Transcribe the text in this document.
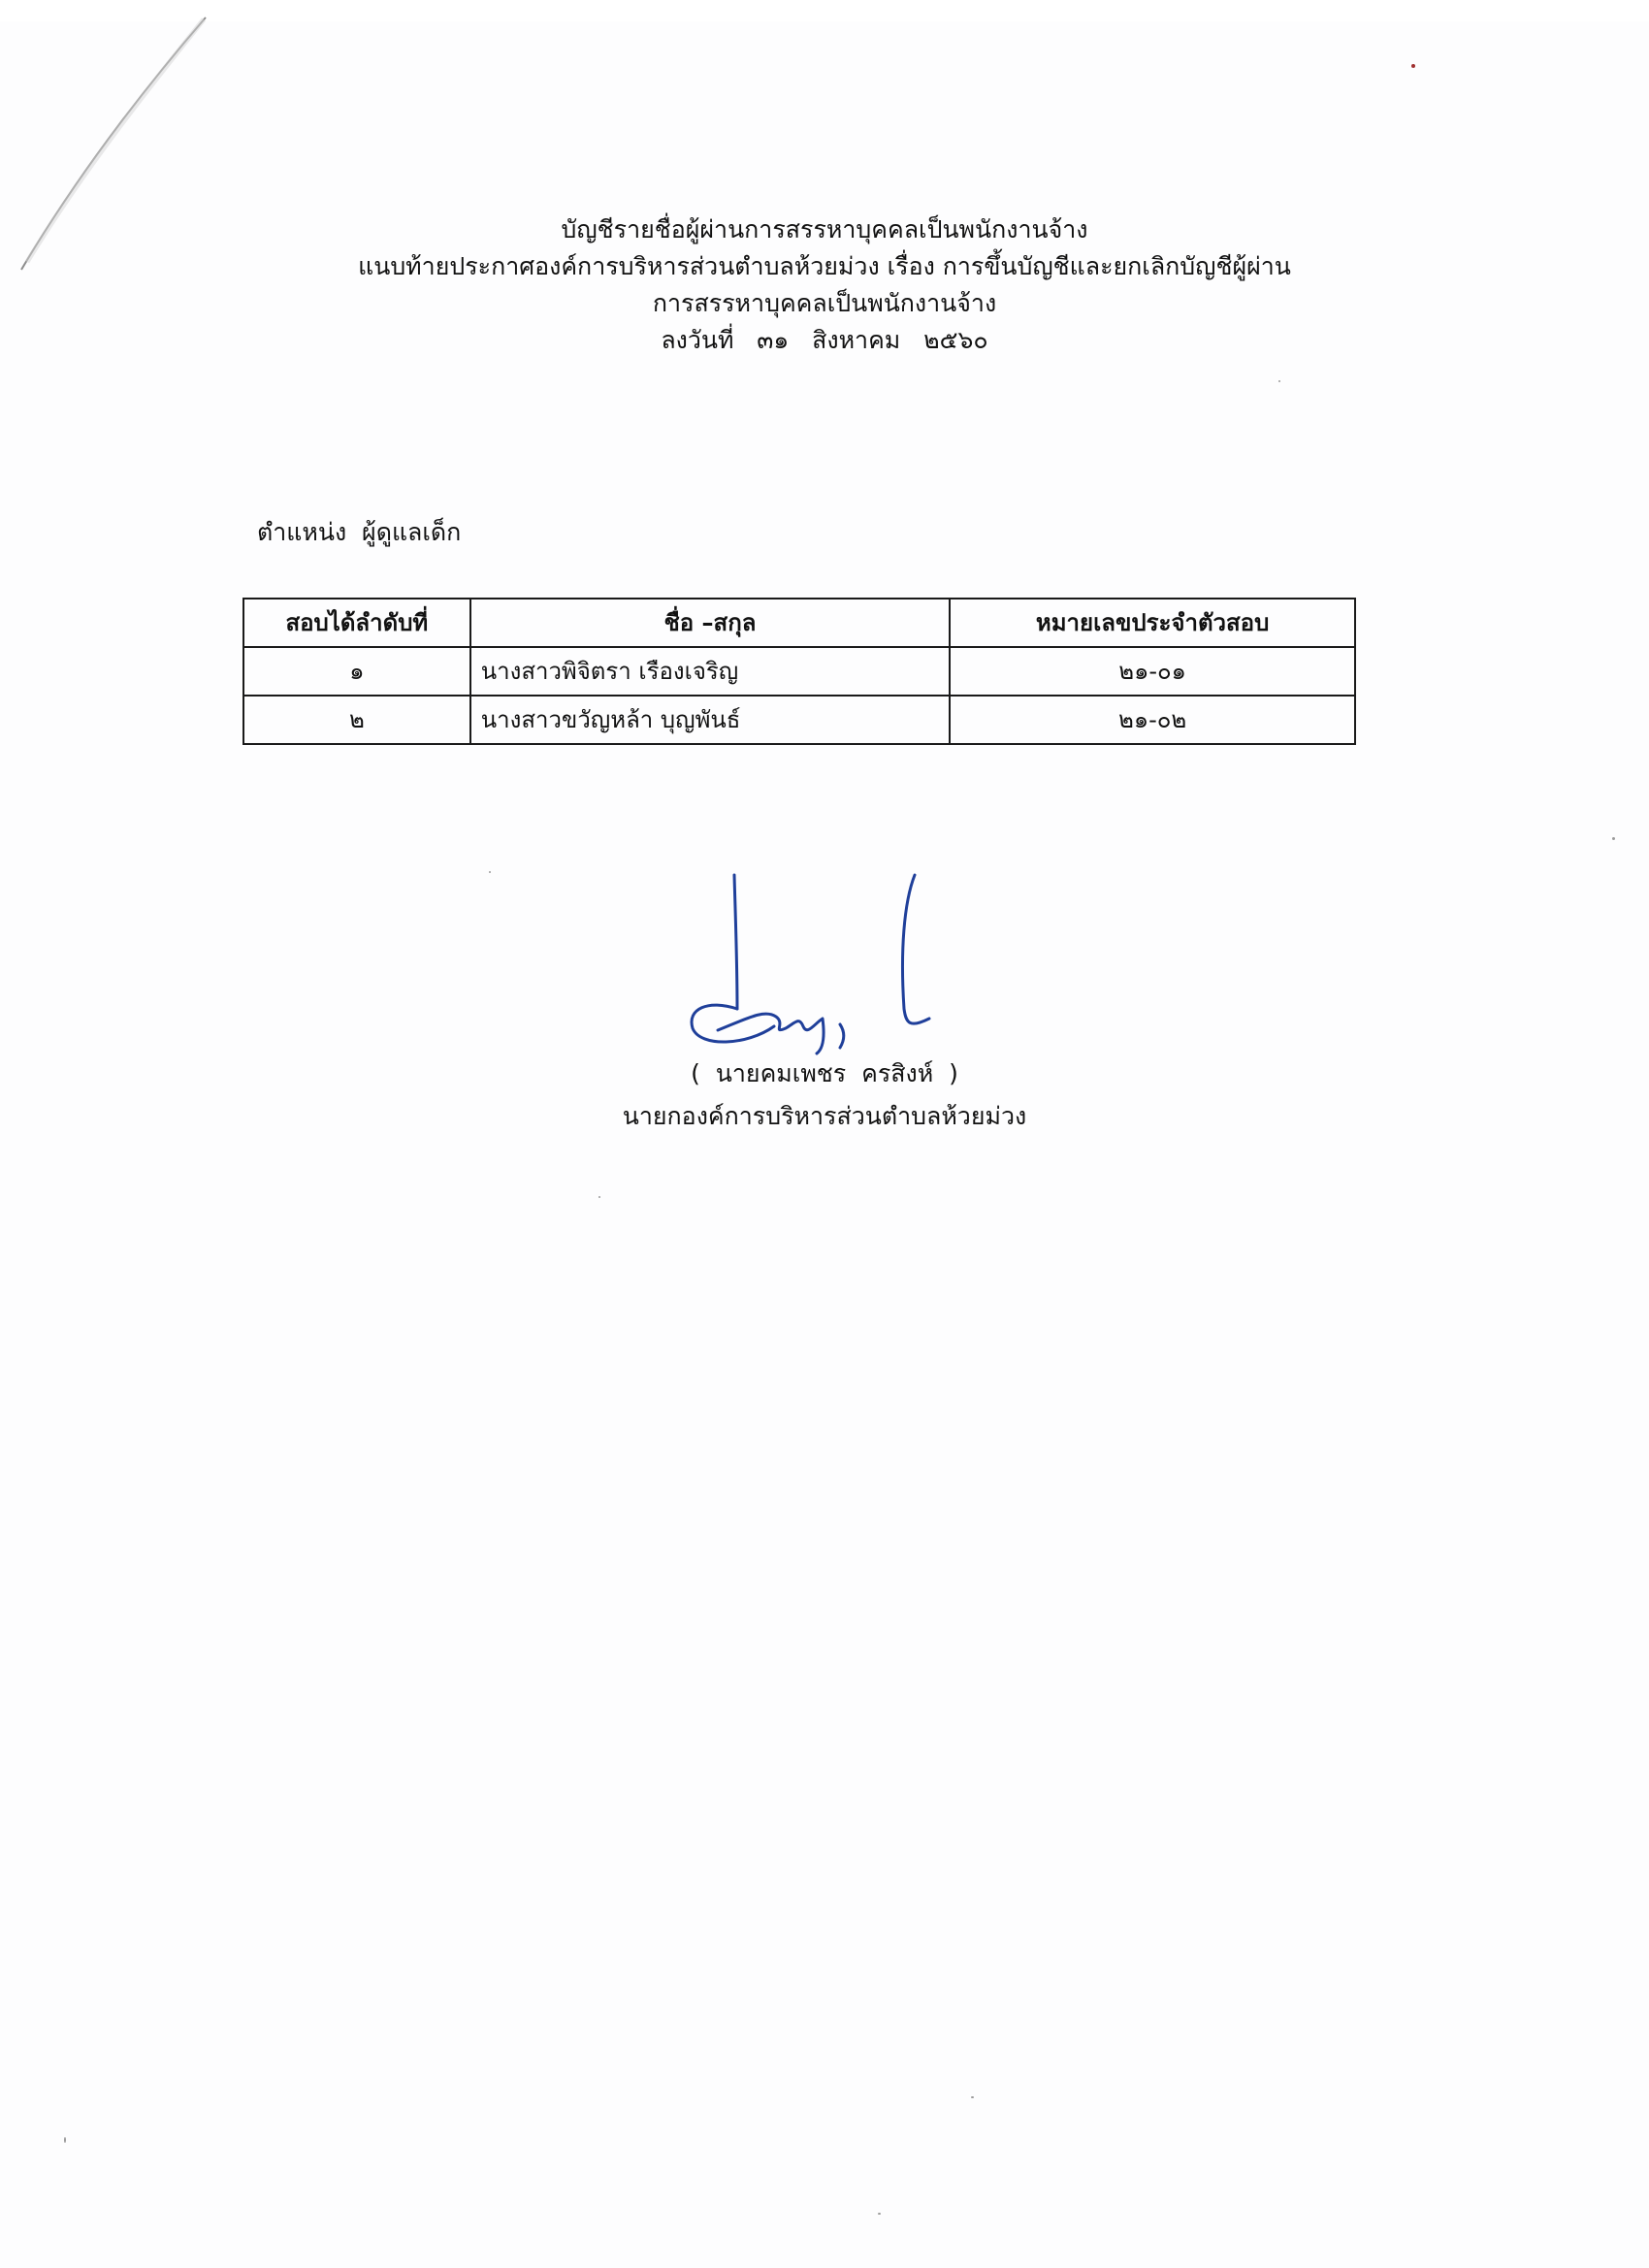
บัญชีรายชื่อผู้ผ่านการสรรหาบุคคลเป็นพนักงานจ้าง
แนบท้ายประกาศองค์การบริหารส่วนตำบลห้วยม่วง เรื่อง การขึ้นบัญชีและยกเลิกบัญชีผู้ผ่าน
การสรรหาบุคคลเป็นพนักงานจ้าง
ลงวันที่   ๓๑   สิงหาคม   ๒๕๖๐
ตำแหน่ง  ผู้ดูแลเด็ก
สอบได้ลำดับที่	ชื่อ –สกุล	หมายเลขประจำตัวสอบ
๑	นางสาวพิจิตรา เรืองเจริญ	๒๑-๐๑
๒	นางสาวขวัญหล้า บุญพันธ์	๒๑-๐๒
(  นายคมเพชร  ครสิงห์  )
นายกองค์การบริหารส่วนตำบลห้วยม่วง
